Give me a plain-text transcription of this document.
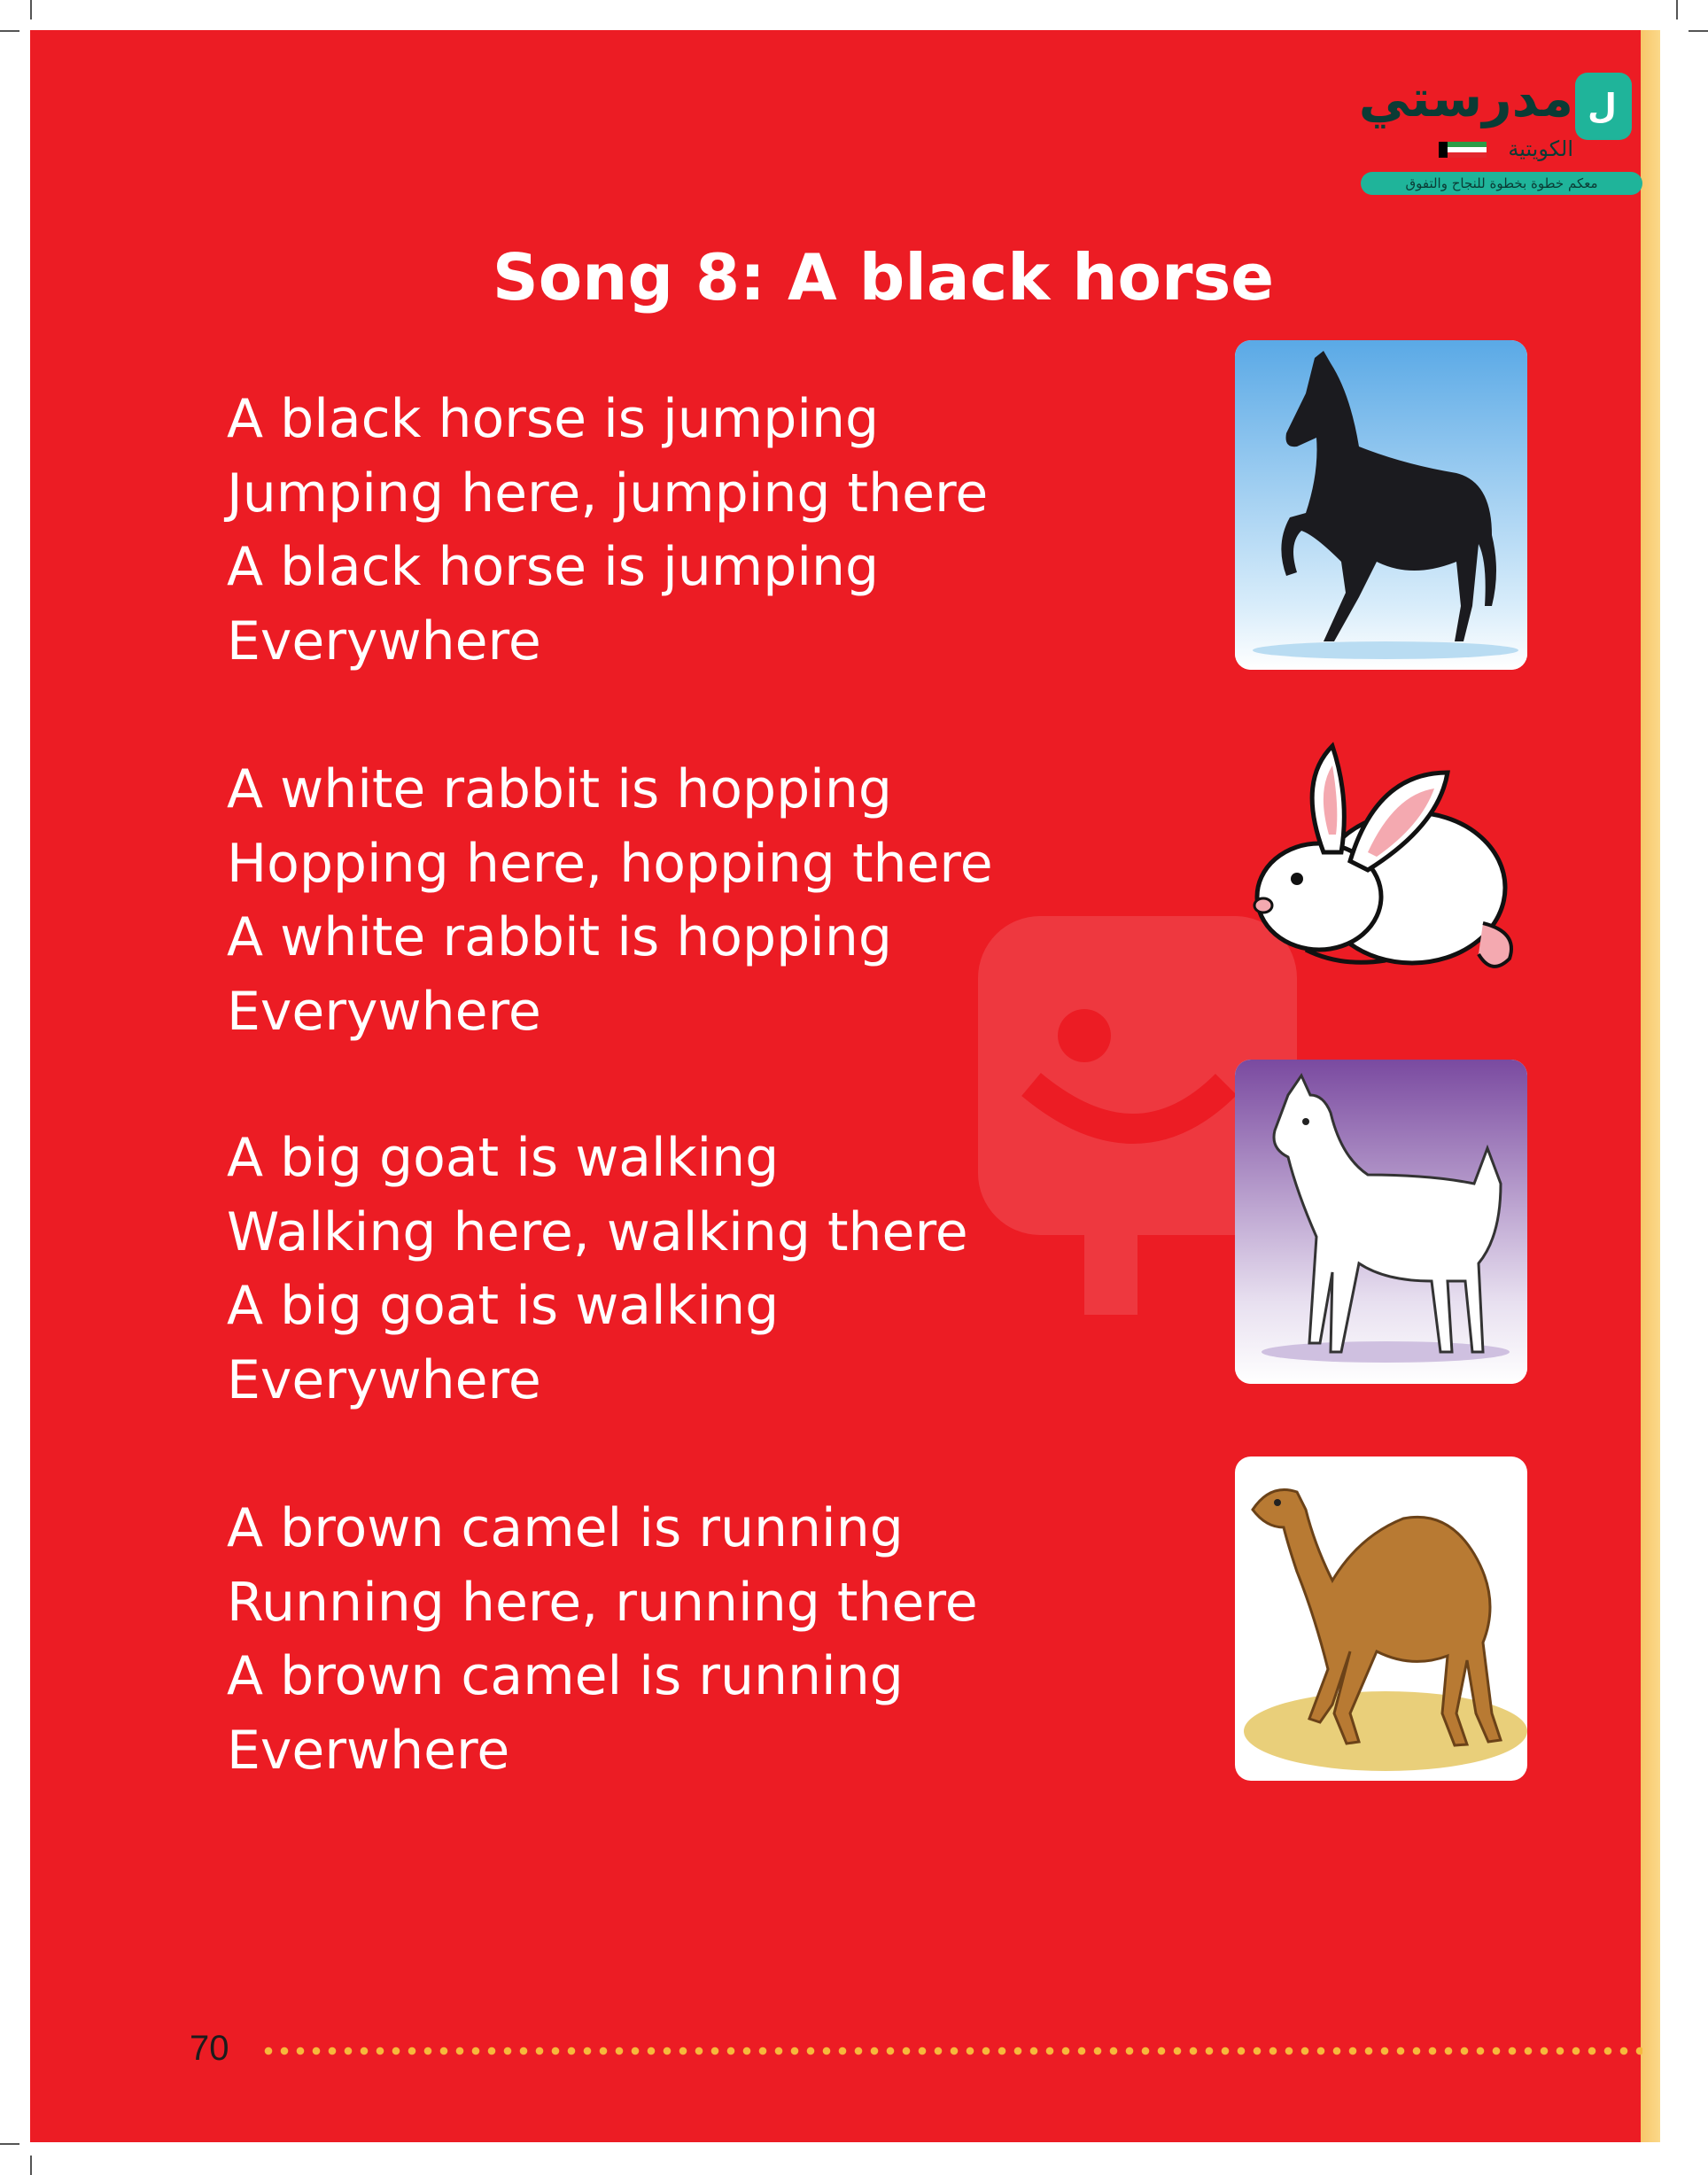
ل
مدرستي
الكويتية
معكم خطوة بخطوة للنجاح والتفوق
Song 8: A black horse
A black horse is jumping
Jumping here, jumping there
A black horse is jumping
Everywhere
A white rabbit is hopping
Hopping here, hopping there
A white rabbit is hopping
Everywhere
A big goat is walking
Walking here, walking there
A big goat is walking
Everywhere
A brown camel is running
Running here, running there
A brown camel is running
Everwhere
70
